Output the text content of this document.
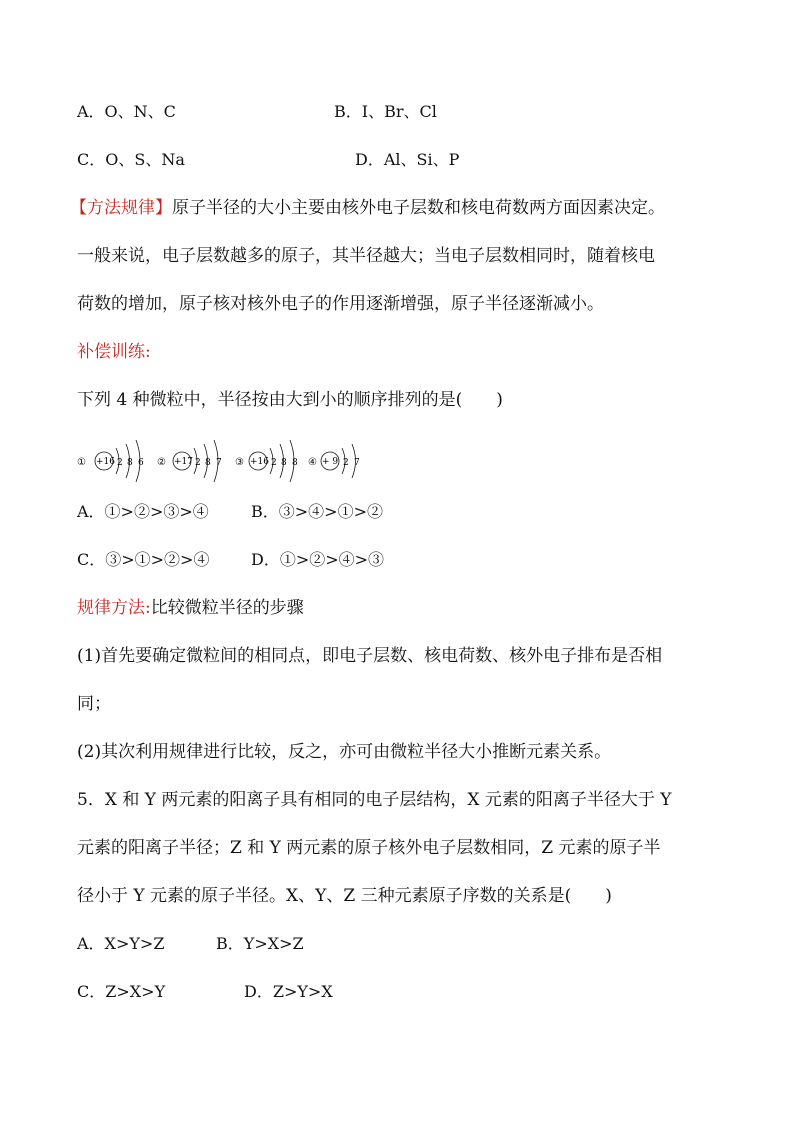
A．O、N、C	B．I、Br、Cl
C．O、S、Na	D．Al、Si、P
【方法规律】原子半径的大小主要由核外电子层数和核电荷数两方面因素决定。
一般来说，电子层数越多的原子，其半径越大；当电子层数相同时，随着核电
荷数的增加，原子核对核外电子的作用逐渐增强，原子半径逐渐减小。
补偿训练:
下列 4 种微粒中，半径按由大到小的顺序排列的是(　　)
① +16 2 8 6 ② +17 2 8 7 ③ +16 2 8 8 ④ + 9 2 7
A．①>②>③>④	B．③>④>①>②
C．③>①>②>④	D．①>②>④>③
规律方法:比较微粒半径的步骤
(1)首先要确定微粒间的相同点，即电子层数、核电荷数、核外电子排布是否相
同；
(2)其次利用规律进行比较，反之，亦可由微粒半径大小推断元素关系。
5．X 和 Y 两元素的阳离子具有相同的电子层结构，X 元素的阳离子半径大于 Y
元素的阳离子半径；Z 和 Y 两元素的原子核外电子层数相同，Z 元素的原子半
径小于 Y 元素的原子半径。X、Y、Z 三种元素原子序数的关系是(　　)
A．X>Y>Z	B．Y>X>Z
C．Z>X>Y	D．Z>Y>X
